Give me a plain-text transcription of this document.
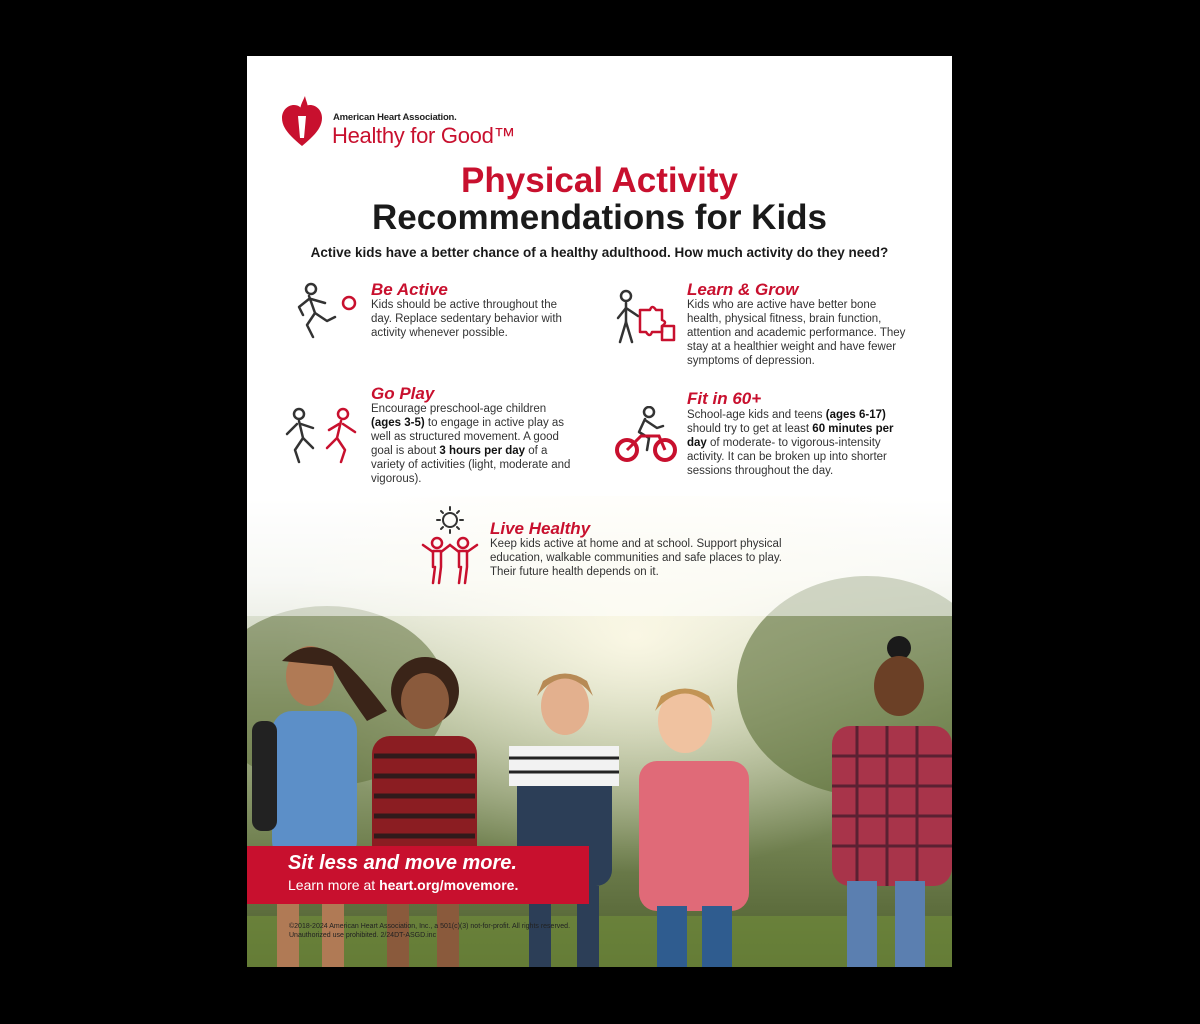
American Heart Association.
Healthy for Good™
Physical Activity
Recommendations for Kids
Active kids have a better chance of a healthy adulthood. How much activity do they need?
Be Active
Kids should be active throughout the day. Replace sedentary behavior with activity whenever possible.
Learn & Grow
Kids who are active have better bone health, physical fitness, brain function, attention and academic performance. They stay at a healthier weight and have fewer symptoms of depression.
Go Play
Encourage preschool-age children (ages 3-5) to engage in active play as well as structured movement. A good goal is about 3 hours per day of a variety of activities (light, moderate and vigorous).
Fit in 60+
School-age kids and teens (ages 6-17) should try to get at least 60 minutes per day of moderate- to vigorous-intensity activity. It can be broken up into shorter sessions throughout the day.
Live Healthy
Keep kids active at home and at school. Support physical education, walkable communities and safe places to play. Their future health depends on it.
Sit less and move more.
Learn more at heart.org/movemore.
©2018-2024 American Heart Association, Inc., a 501(c)(3) not-for-profit. All rights reserved. Unauthorized use prohibited. 2/24DT-ASGD.inc
